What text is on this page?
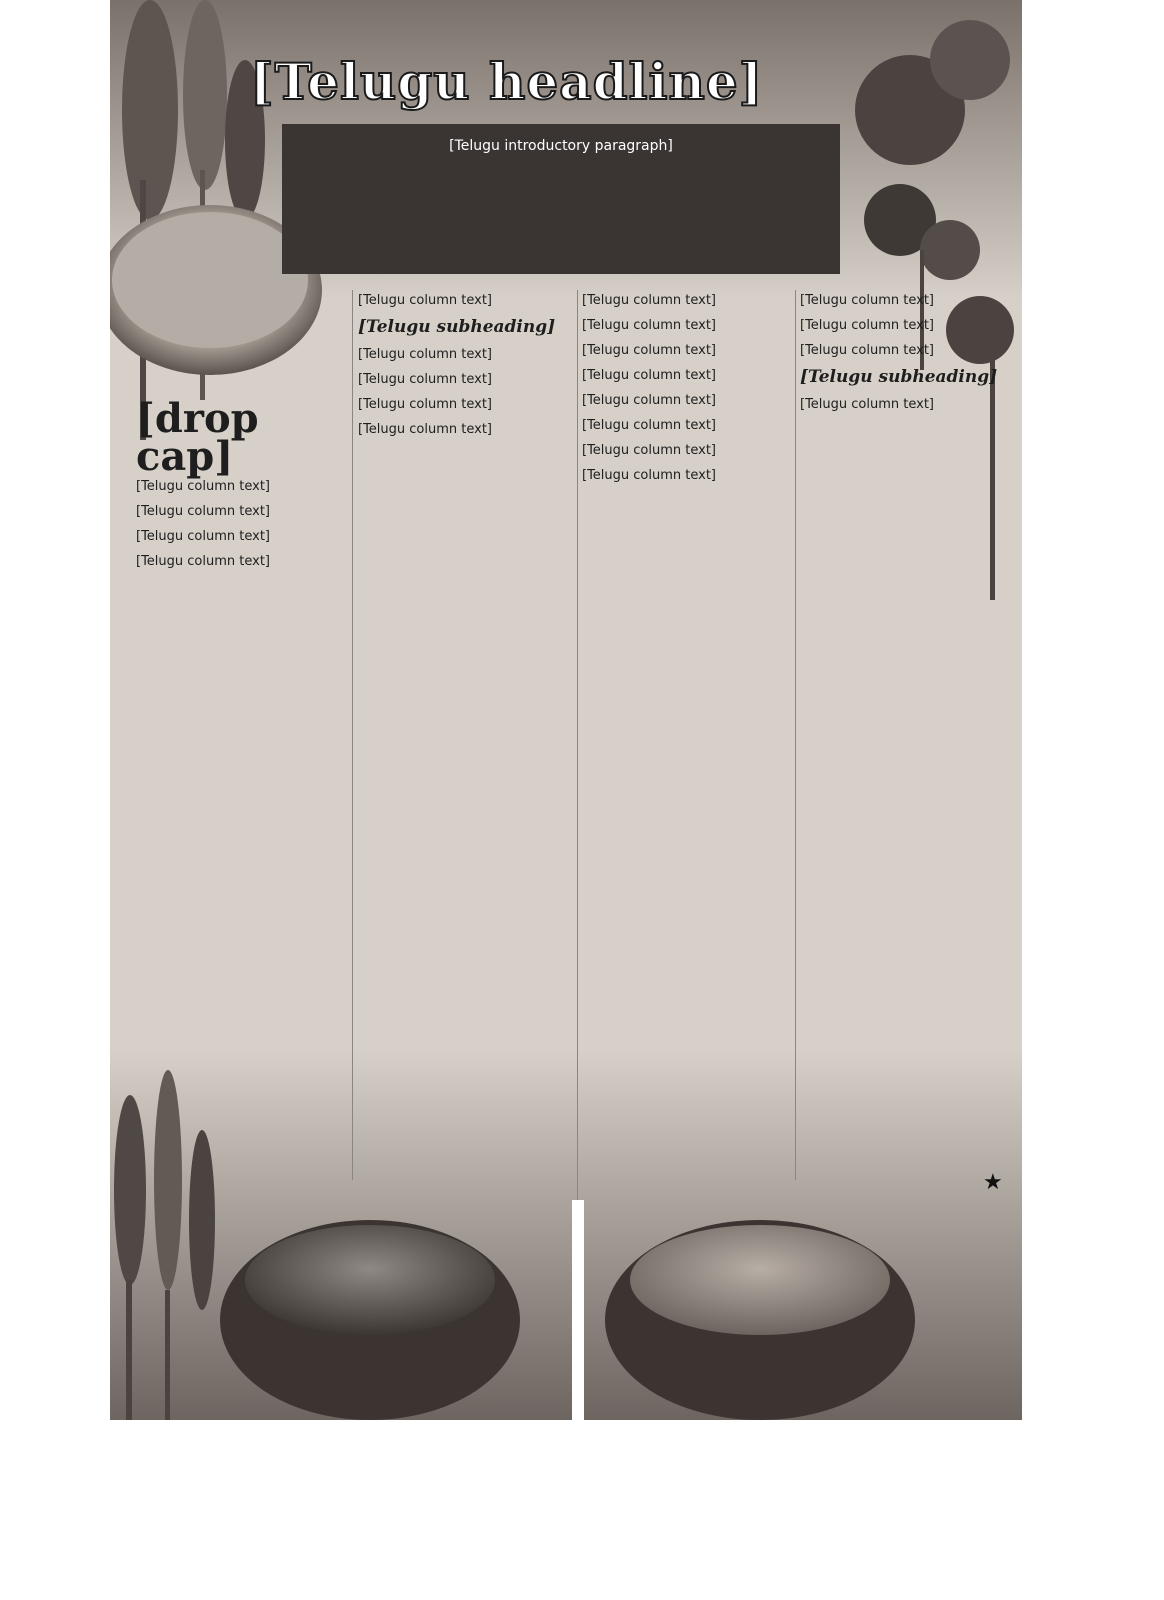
[Telugu headline]
[Telugu introductory paragraph]

[drop cap]
[Telugu column text]

[Telugu column text]

[Telugu column text]

[Telugu column text]

[Telugu column text]

[Telugu subheading]

[Telugu column text]

[Telugu column text]

[Telugu column text]

[Telugu column text]

[Telugu column text]

[Telugu column text]

[Telugu column text]

[Telugu column text]

[Telugu column text]

[Telugu column text]

[Telugu column text]

[Telugu column text]

[Telugu column text]

[Telugu column text]

[Telugu column text]

[Telugu subheading]

[Telugu column text]

★
